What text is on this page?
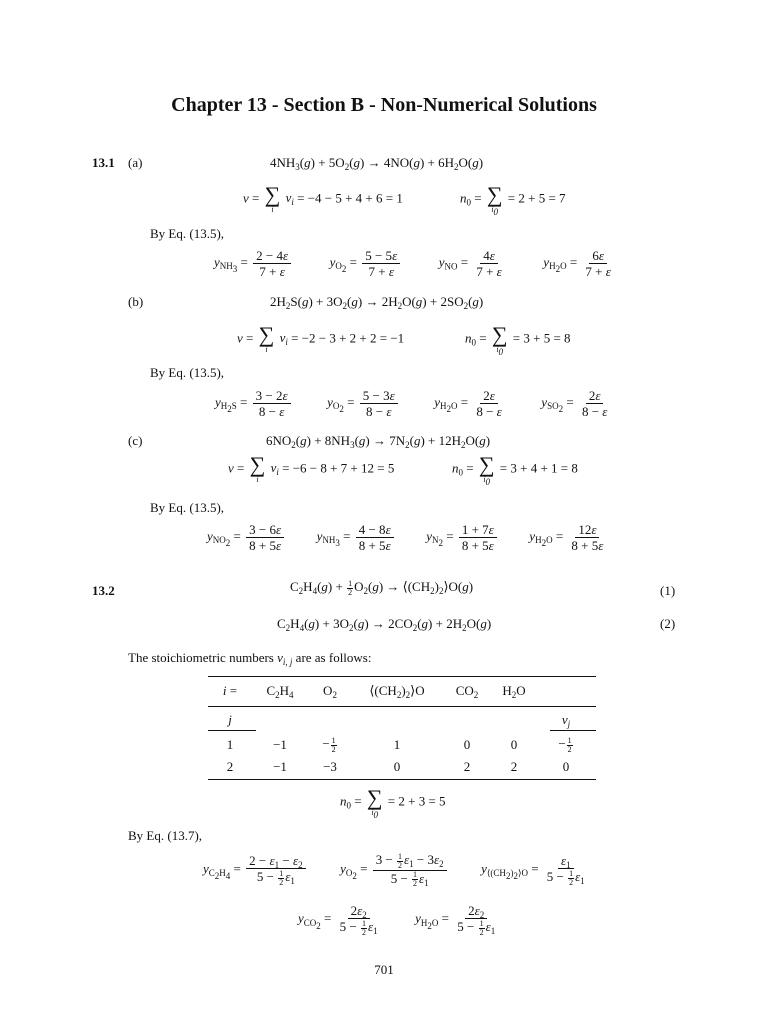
Chapter 13 - Section B - Non-Numerical Solutions
13.1 (a)	$4NH_3(g) + 5O_2(g) \to 4NO(g) + 6H_2O(g)$
ν = ∑
i
$\nu_i = -4 - 5 + 4 + 6 = 1$	$n_0$ = ∑
$i_0$
= 2 + 5 = 7
By Eq. (13.5),
$y_{NH_3} = \frac{2 - 4\varepsilon}{7 + \varepsilon}$	$y_{O_2} = \frac{5 - 5\varepsilon}{7 + \varepsilon}$	$y_{NO} = \frac{4\varepsilon}{7 + \varepsilon}$	$y_{H_2O} = \frac{6\varepsilon}{7 + \varepsilon}$
(b)	$2H_2S(g) + 3O_2(g) \to 2H_2O(g) + 2SO_2(g)$
ν = ∑
i
$\nu_i = -2 - 3 + 2 + 2 = -1$	$n_0$ = ∑
$i_0$
= 3 + 5 = 8
By Eq. (13.5),
$y_{H_2S} = \frac{3 - 2\varepsilon}{8 - \varepsilon}$	$y_{O_2} = \frac{5 - 3\varepsilon}{8 - \varepsilon}$	$y_{H_2O} = \frac{2\varepsilon}{8 - \varepsilon}$	$y_{SO_2} = \frac{2\varepsilon}{8 - \varepsilon}$
(c)	$6NO_2(g) + 8NH_3(g) \to 7N_2(g) + 12H_2O(g)$
ν = ∑
i
$\nu_i = -6 - 8 + 7 + 12 = 5$	$n_0$ = ∑
$i_0$
= 3 + 4 + 1 = 8
By Eq. (13.5),
$y_{NO_2} = \frac{3 - 6\varepsilon}{8 + 5\varepsilon}$	$y_{NH_3} = \frac{4 - 8\varepsilon}{8 + 5\varepsilon}$	$y_{N_2} = \frac{1 + 7\varepsilon}{8 + 5\varepsilon}$	$y_{H_2O} = \frac{12\varepsilon}{8 + 5\varepsilon}$
13.2	$C_2H_4(g) + \frac{1}{2} O_2(g)$ → $⟨(CH_2)_2⟩O(g)$	(1)
$C_2H_4(g) + 3O_2(g) \to 2CO_2(g) + 2H_2O(g)$	(2)
The stoichiometric numbers $\nu_{i, j}$ are as follows:
i =	$C_2H_4$	$O_2$	$⟨(CH_2)_2⟩O$	$CO_2$	$H_2O$	
j						$\nu_j$
1	−1	− $\frac{1}{2}$	1	0	0	− $\frac{1}{2}$

2	−1	−3	0	2	2	0
$n_0$ = ∑
$i_0$
= 2 + 3 = 5
By Eq. (13.7),
$y_{C_2H_4} = \frac{2 - \varepsilon_1 - \varepsilon_2}{5 - \frac{1}{2} \varepsilon_1}$	$y_{O_2} = \frac{3 - \frac{1}{2} \varepsilon_1 - 3\varepsilon_2}{5 - \frac{1}{2} \varepsilon_1}$	$y_{⟨(CH_2)_2⟩O} = \frac{\varepsilon_1}{5 - \frac{1}{2} \varepsilon_1}$
$y_{CO_2} = \frac{2\varepsilon_2}{5 - \frac{1}{2} \varepsilon_1}$	$y_{H_2O} = \frac{2\varepsilon_2}{5 - \frac{1}{2} \varepsilon_1}$
701
